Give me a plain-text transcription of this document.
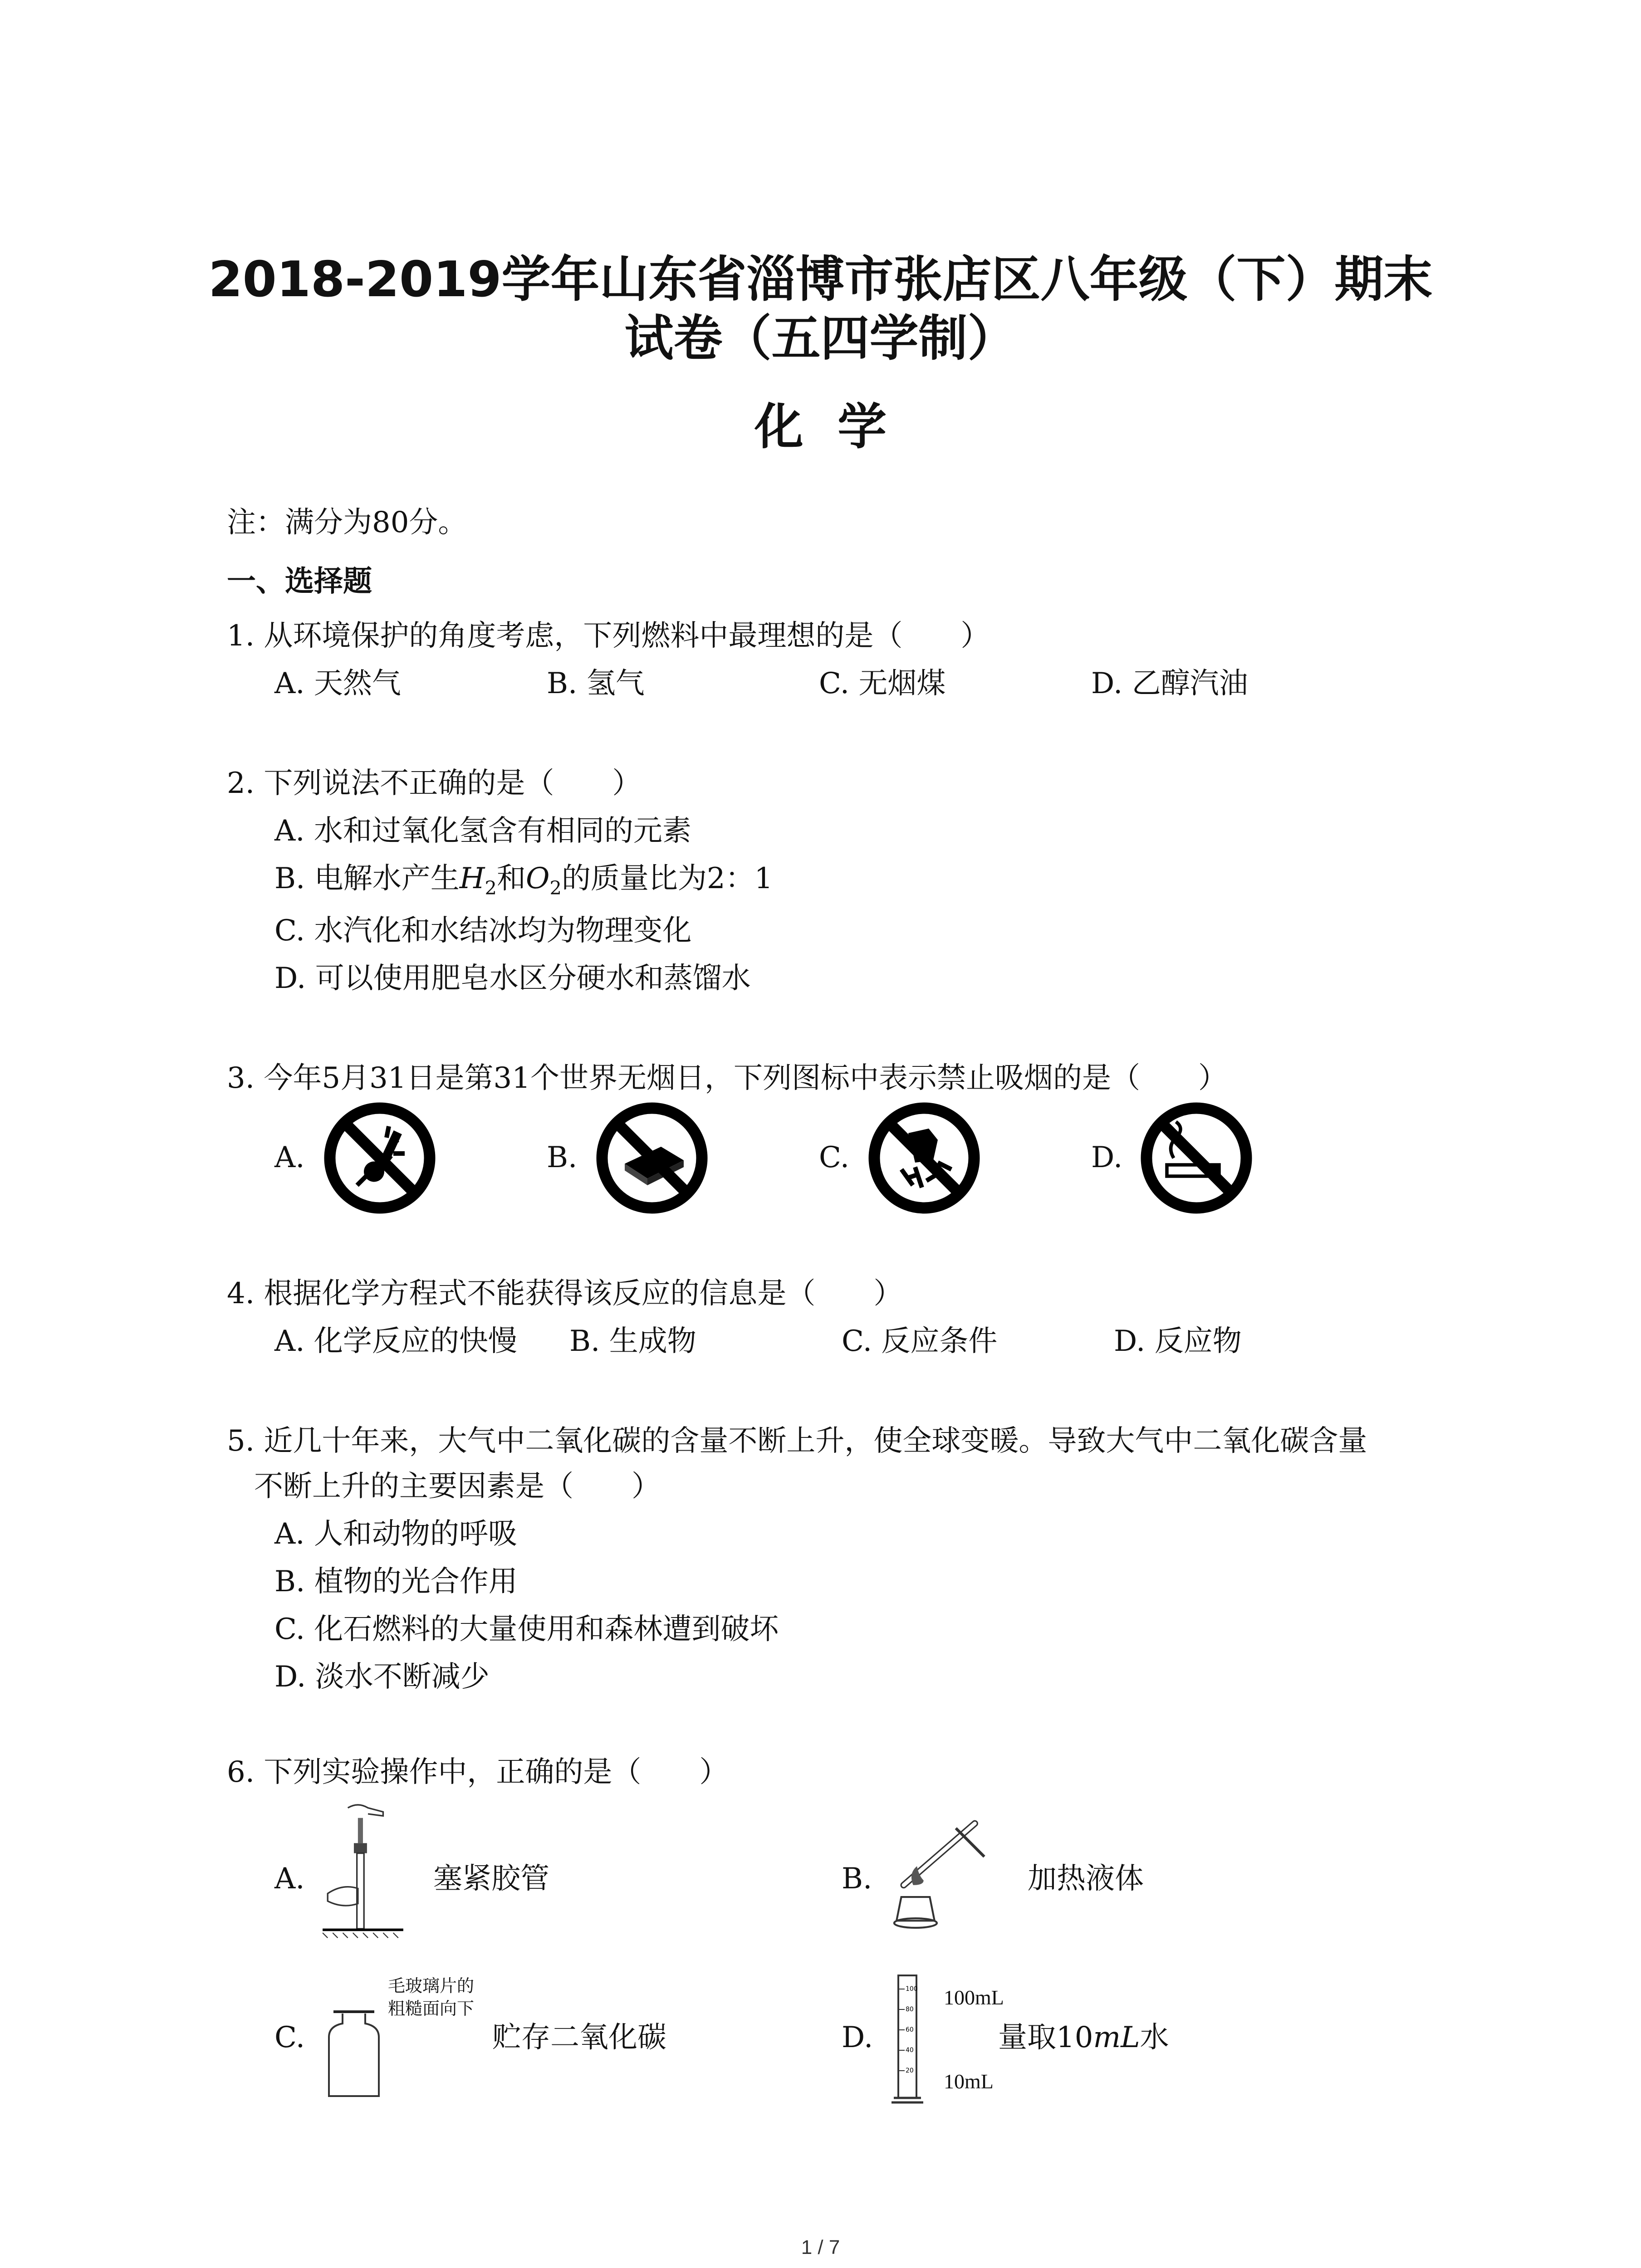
2018-2019学年山东省淄博市张店区八年级（下）期末
试卷（五四学制）
化  学
注：满分为80分。
一、选择题
1. 从环境保护的角度考虑，下列燃料中最理想的是（　　）
A. 天然气	B. 氢气	C. 无烟煤	D. 乙醇汽油
2. 下列说法不正确的是（　　）
A. 水和过氧化氢含有相同的元素
B. 电解水产生$H_2$和$O_2$的质量比为2：1
C. 水汽化和水结冰均为物理变化
D. 可以使用肥皂水区分硬水和蒸馏水
3. 今年5月31日是第31个世界无烟日，下列图标中表示禁止吸烟的是（　　）
A.	B.	C.	D.
4. 根据化学方程式不能获得该反应的信息是（　　）
A. 化学反应的快慢 B. 生成物	C. 反应条件	D. 反应物
5. 近几十年来，大气中二氧化碳的含量不断上升，使全球变暖。导致大气中二氧化碳含量
不断上升的主要因素是（　　）
A. 人和动物的呼吸
B. 植物的光合作用
C. 化石燃料的大量使用和森林遭到破坏
D. 淡水不断减少
6. 下列实验操作中，正确的是（　　）
A.	塞紧胶管	B.	加热液体
C.
毛玻璃片的
粗糙面向下
贮存二氧化碳	D.
100
80
60
40
20
100mL
10mL
量取10mL水
1 / 7
